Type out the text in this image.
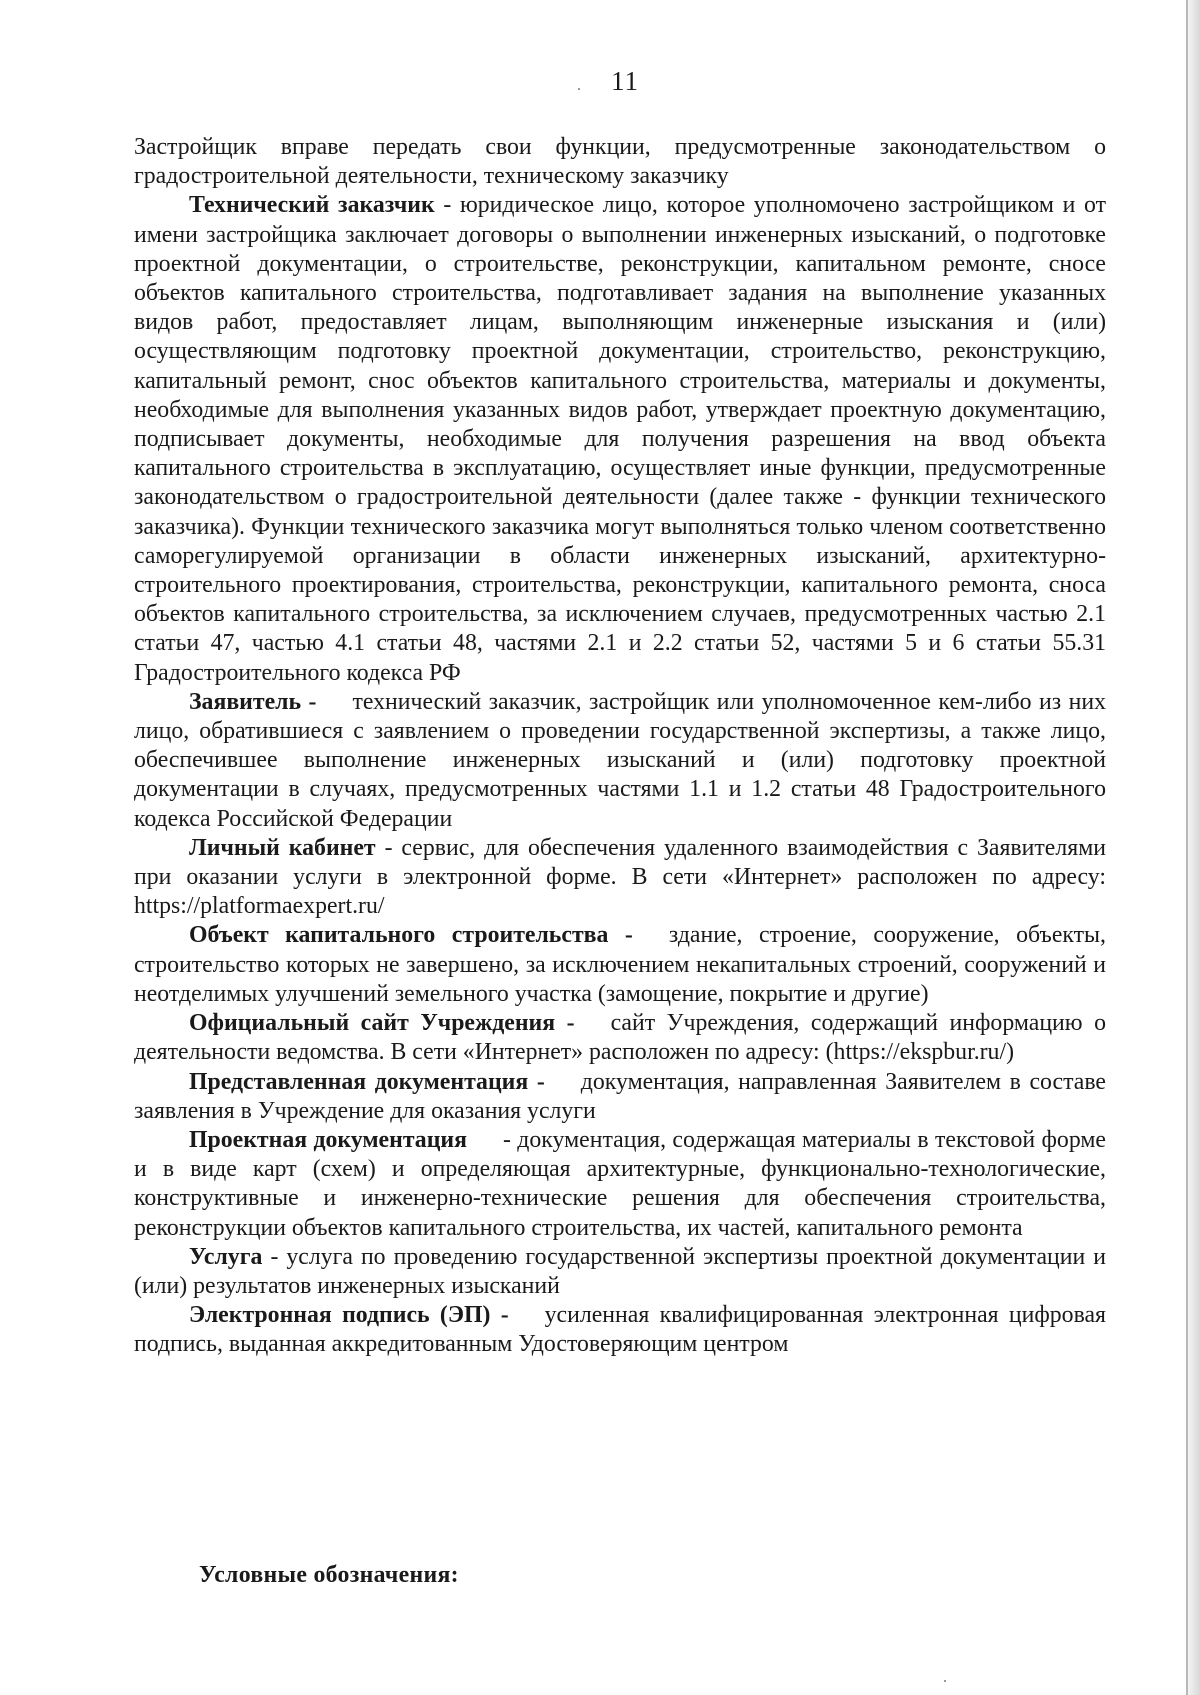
11

Застройщик вправе передать свои функции, предусмотренные законодательством о градостроительной деятельности, техническому заказчику

Технический заказчик - юридическое лицо, которое уполномочено застройщиком и от имени застройщика заключает договоры о выполнении инженерных изысканий, о подготовке проектной документации, о строительстве, реконструкции, капитальном ремонте, сносе объектов капитального строительства, подготавливает задания на выполнение указанных видов работ, предоставляет лицам, выполняющим инженерные изыскания и (или) осуществляющим подготовку проектной документации, строительство, реконструкцию, капитальный ремонт, снос объектов капитального строительства, материалы и документы, необходимые для выполнения указанных видов работ, утверждает проектную документацию, подписывает документы, необходимые для получения разрешения на ввод объекта капитального строительства в эксплуатацию, осуществляет иные функции, предусмотренные законодательством о градостроительной деятельности (далее также - функции технического заказчика). Функции технического заказчика могут выполняться только членом соответственно саморегулируемой организации в области инженерных изысканий, архитектурно-строительного проектирования, строительства, реконструкции, капитального ремонта, сноса объектов капитального строительства, за исключением случаев, предусмотренных частью 2.1 статьи 47, частью 4.1 статьи 48, частями 2.1 и 2.2 статьи 52, частями 5 и 6 статьи 55.31 Градостроительного кодекса РФ

Заявитель - технический заказчик, застройщик или уполномоченное кем-либо из них лицо, обратившиеся с заявлением о проведении государственной экспертизы, а также лицо, обеспечившее выполнение инженерных изысканий и (или) подготовку проектной документации в случаях, предусмотренных частями 1.1 и 1.2 статьи 48 Градостроительного кодекса Российской Федерации

Личный кабинет - сервис, для обеспечения удаленного взаимодействия с Заявителями при оказании услуги в электронной форме. В сети «Интернет» расположен по адресу: https://platformaexpert.ru/

Объект капитального строительства - здание, строение, сооружение, объекты, строительство которых не завершено, за исключением некапитальных строений, сооружений и неотделимых улучшений земельного участка (замощение, покрытие и другие)

Официальный сайт Учреждения - сайт Учреждения, содержащий информацию о деятельности ведомства. В сети «Интернет» расположен по адресу: (https://ekspbur.ru/)

Представленная документация - документация, направленная Заявителем в составе заявления в Учреждение для оказания услуги

Проектная документация - документация, содержащая материалы в текстовой форме и в виде карт (схем) и определяющая архитектурные, функционально-технологические, конструктивные и инженерно-технические решения для обеспечения строительства, реконструкции объектов капитального строительства, их частей, капитального ремонта

Услуга - услуга по проведению государственной экспертизы проектной документации и (или) результатов инженерных изысканий

Электронная подпись (ЭП) - усиленная квалифицированная электронная цифровая подпись, выданная аккредитованным Удостоверяющим центром

Условные обозначения:
